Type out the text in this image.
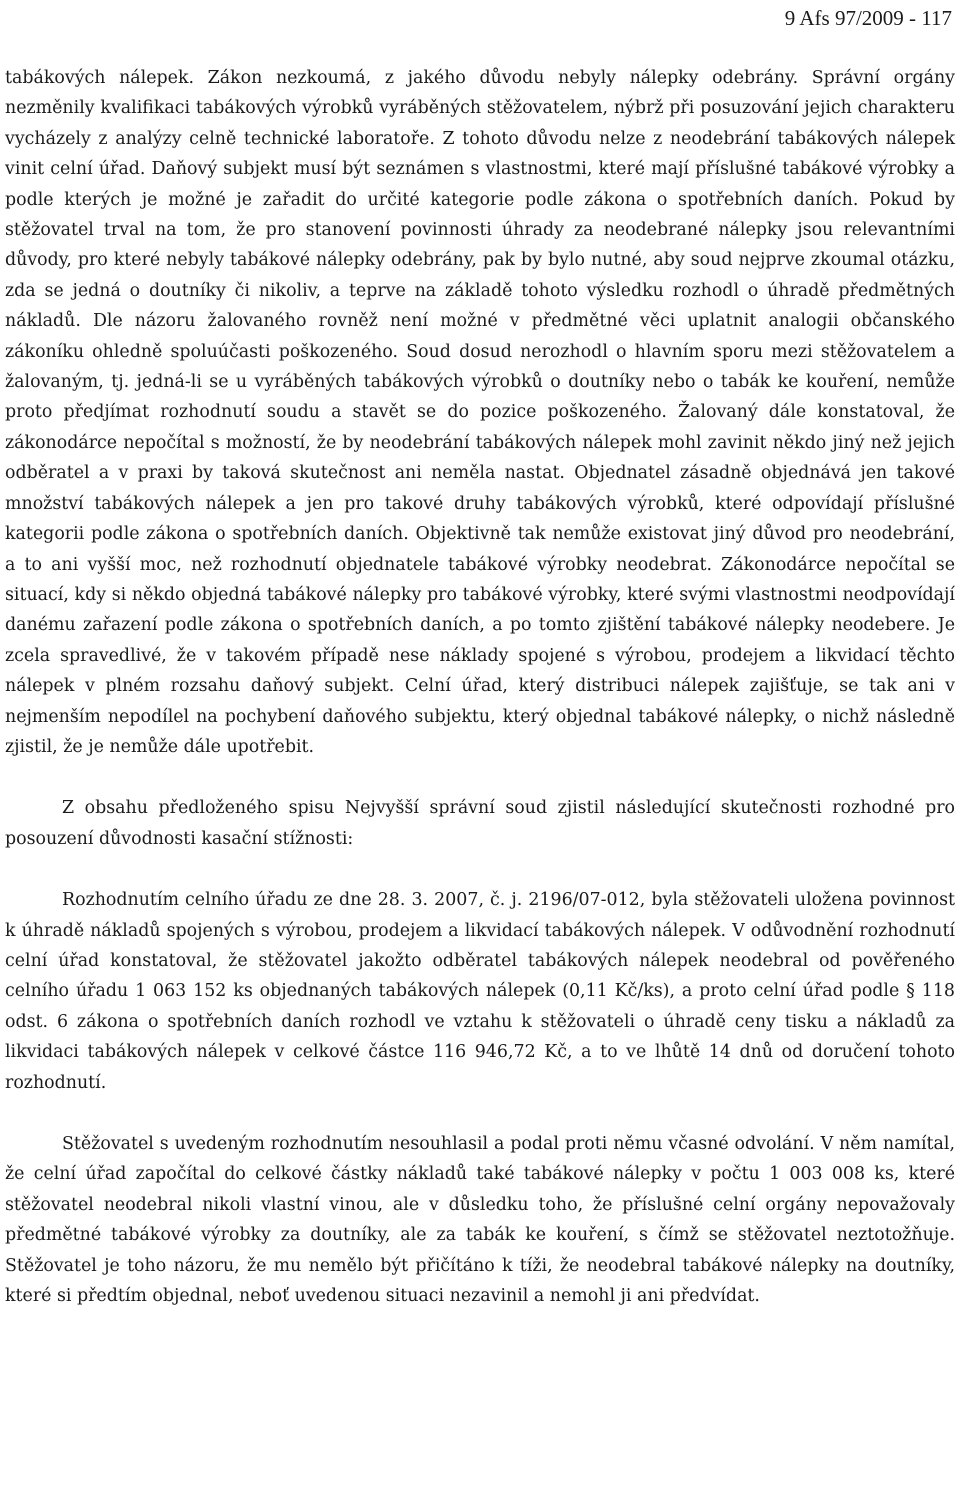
9 Afs 97/2009 - 117

tabákových nálepek. Zákon nezkoumá, z jakého důvodu nebyly nálepky odebrány. Správní orgány nezměnily kvalifikaci tabákových výrobků vyráběných stěžovatelem, nýbrž při posuzování jejich charakteru vycházely z analýzy celně technické laboratoře. Z tohoto důvodu nelze z neodebrání tabákových nálepek vinit celní úřad. Daňový subjekt musí být seznámen s vlastnostmi, které mají příslušné tabákové výrobky a podle kterých je možné je zařadit do určité kategorie podle zákona o spotřebních daních. Pokud by stěžovatel trval na tom, že pro stanovení povinnosti úhrady za neodebrané nálepky jsou relevantními důvody, pro které nebyly tabákové nálepky odebrány, pak by bylo nutné, aby soud nejprve zkoumal otázku, zda se jedná o doutníky či nikoliv, a teprve na základě tohoto výsledku rozhodl o úhradě předmětných nákladů. Dle názoru žalovaného rovněž není možné v předmětné věci uplatnit analogii občanského zákoníku ohledně spoluúčasti poškozeného. Soud dosud nerozhodl o hlavním sporu mezi stěžovatelem a žalovaným, tj. jedná-li se u vyráběných tabákových výrobků o doutníky nebo o tabák ke kouření, nemůže proto předjímat rozhodnutí soudu a stavět se do pozice poškozeného. Žalovaný dále konstatoval, že zákonodárce nepočítal s možností, že by neodebrání tabákových nálepek mohl zavinit někdo jiný než jejich odběratel a v praxi by taková skutečnost ani neměla nastat. Objednatel zásadně objednává jen takové množství tabákových nálepek a jen pro takové druhy tabákových výrobků, které odpovídají příslušné kategorii podle zákona o spotřebních daních. Objektivně tak nemůže existovat jiný důvod pro neodebrání, a to ani vyšší moc, než rozhodnutí objednatele tabákové výrobky neodebrat. Zákonodárce nepočítal se situací, kdy si někdo objedná tabákové nálepky pro tabákové výrobky, které svými vlastnostmi neodpovídají danému zařazení podle zákona o spotřebních daních, a po tomto zjištění tabákové nálepky neodebere. Je zcela spravedlivé, že v takovém případě nese náklady spojené s výrobou, prodejem a likvidací těchto nálepek v plném rozsahu daňový subjekt. Celní úřad, který distribuci nálepek zajišťuje, se tak ani v nejmenším nepodílel na pochybení daňového subjektu, který objednal tabákové nálepky, o nichž následně zjistil, že je nemůže dále upotřebit.

Z obsahu předloženého spisu Nejvyšší správní soud zjistil následující skutečnosti rozhodné pro posouzení důvodnosti kasační stížnosti:

Rozhodnutím celního úřadu ze dne 28. 3. 2007, č. j. 2196/07-012, byla stěžovateli uložena povinnost k úhradě nákladů spojených s výrobou, prodejem a likvidací tabákových nálepek. V odůvodnění rozhodnutí celní úřad konstatoval, že stěžovatel jakožto odběratel tabákových nálepek neodebral od pověřeného celního úřadu 1 063 152 ks objednaných tabákových nálepek (0,11 Kč/ks), a proto celní úřad podle § 118 odst. 6 zákona o spotřebních daních rozhodl ve vztahu k stěžovateli o úhradě ceny tisku a nákladů za likvidaci tabákových nálepek v celkové částce 116 946,72 Kč, a to ve lhůtě 14 dnů od doručení tohoto rozhodnutí.

Stěžovatel s uvedeným rozhodnutím nesouhlasil a podal proti němu včasné odvolání. V něm namítal, že celní úřad započítal do celkové částky nákladů také tabákové nálepky v počtu 1 003 008 ks, které stěžovatel neodebral nikoli vlastní vinou, ale v důsledku toho, že příslušné celní orgány nepovažovaly předmětné tabákové výrobky za doutníky, ale za tabák ke kouření, s čímž se stěžovatel neztotožňuje. Stěžovatel je toho názoru, že mu nemělo být přičítáno k tíži, že neodebral tabákové nálepky na doutníky, které si předtím objednal, neboť uvedenou situaci nezavinil a nemohl ji ani předvídat.
